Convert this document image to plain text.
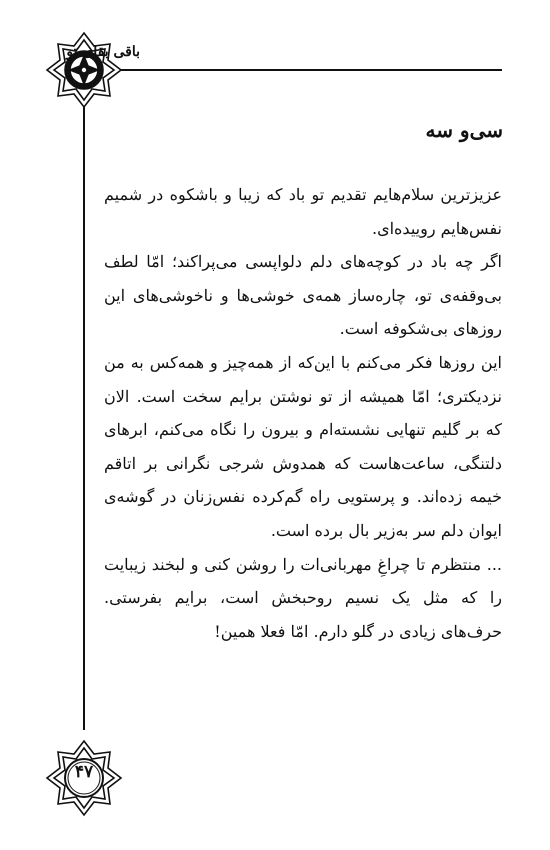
باقی بقای تو
سی‌و سه

عزیزترین سلام‌هایم تقدیم تو باد که زیبا و باشکوه در شمیم نفس‌هایم روییده‌ای.

اگر چه باد در کوچه‌های دلم دلواپسی می‌پراکند؛ امّا لطف بی‌وقفه‌ی تو، چاره‌ساز همه‌ی خوشی‌ها و ناخوشی‌های این روزهای بی‌شکوفه است.

این روزها فکر می‌کنم با این‌که از همه‌چیز و همه‌کس به من نزدیکتری؛ امّا همیشه از تو نوشتن برایم سخت است. الان که بر گلیم تنهایی نشسته‌ام و بیرون را نگاه می‌کنم، ابرهای دلتنگی، ساعت‌هاست که همدوش شرجی نگرانی بر اتاقم خیمه زده‌اند. و پرستویی راه گم‌کرده نفس‌زنان در گوشه‌ی ایوان دلم سر به‌زیر بال برده است.

... منتظرم تا چراغِ مهربانی‌ات را روشن کنی و لبخند زیبایت را که مثل یک نسیم روحبخش است، برایم بفرستی. حرف‌های زیادی در گلو دارم. امّا فعلا همین!

۴۷
